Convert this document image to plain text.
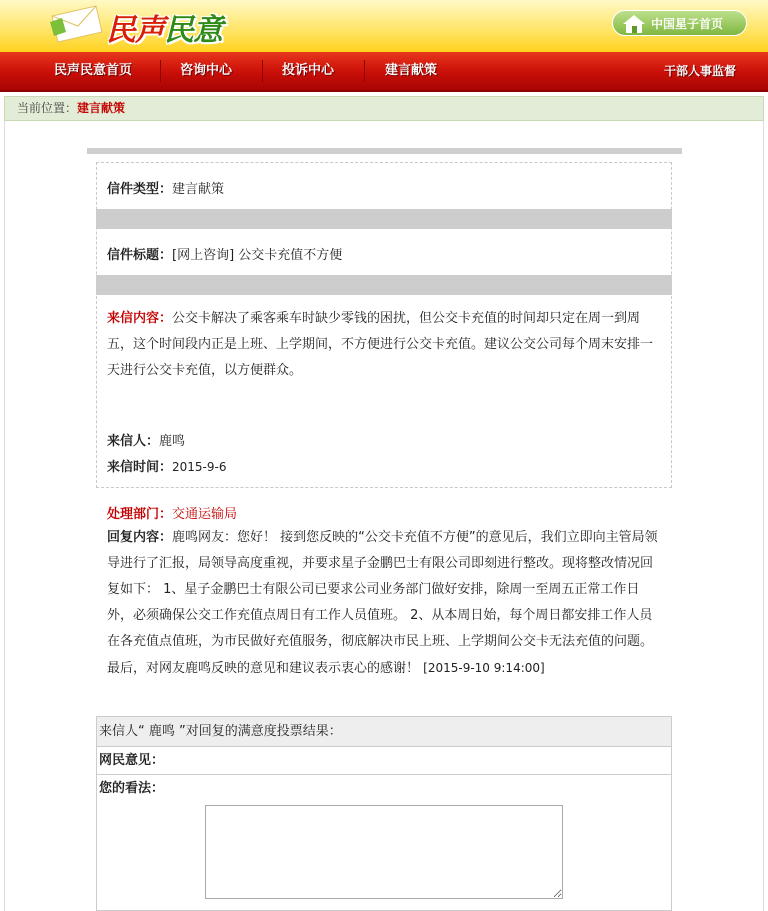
民声民意	中国星子首页
民声民意首页	咨询中心	投诉中心	建言献策	干部人事监督
当前位置：建言献策
信件类型：建言献策
信件标题：[网上咨询] 公交卡充值不方便
来信内容：公交卡解决了乘客乘车时缺少零钱的困扰，但公交卡充值的时间却只定在周一到周五，这个时间段内正是上班、上学期间，不方便进行公交卡充值。建议公交公司每个周末安排一天进行公交卡充值，以方便群众。
来信人：鹿鸣
来信时间：2015-9-6
处理部门：交通运输局
回复内容：鹿鸣网友：您好！ 接到您反映的“公交卡充值不方便”的意见后，我们立即向主管局领导进行了汇报，局领导高度重视，并要求星子金鹏巴士有限公司即刻进行整改。现将整改情况回复如下： 1、星子金鹏巴士有限公司已要求公司业务部门做好安排，除周一至周五正常工作日外，必须确保公交工作充值点周日有工作人员值班。 2、从本周日始，每个周日都安排工作人员在各充值点值班，为市民做好充值服务，彻底解决市民上班、上学期间公交卡无法充值的问题。 最后，对网友鹿鸣反映的意见和建议表示衷心的感谢！ [2015-9-10 9:14:00]
来信人“ 鹿鸣 ”对回复的满意度投票结果：
网民意见：
您的看法：
